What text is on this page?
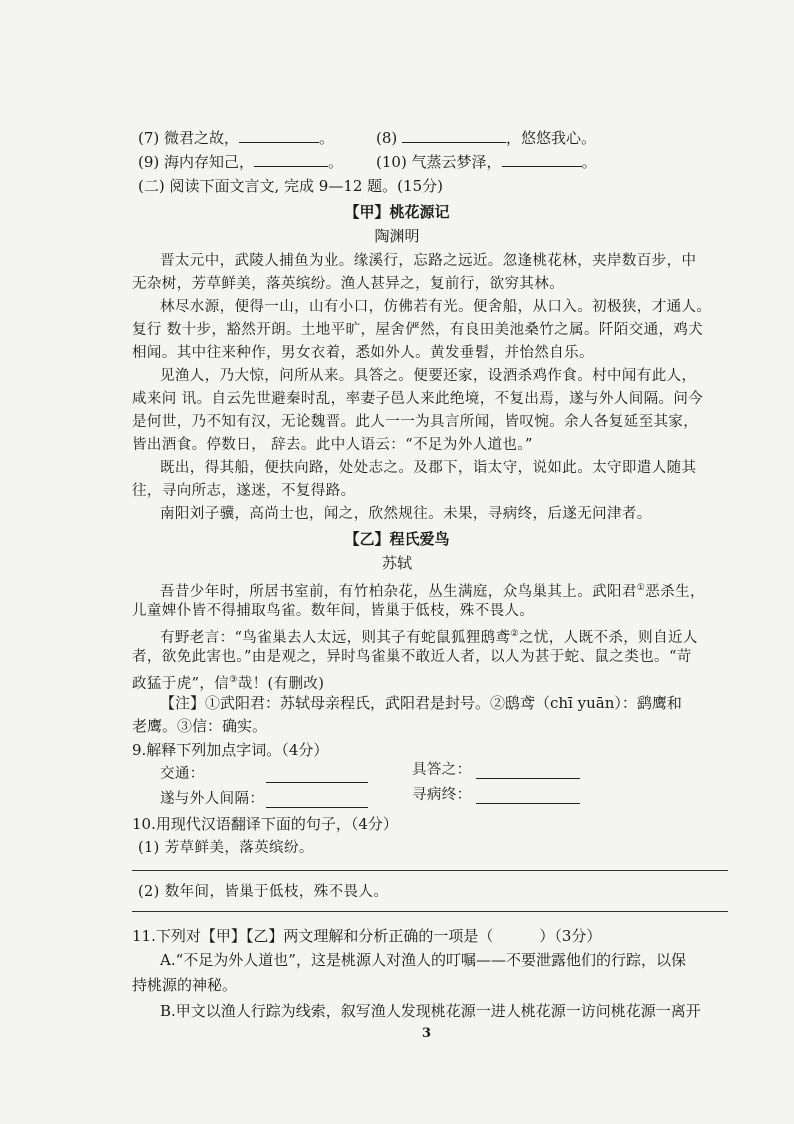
(7) 微君之故，	。	(8)	，悠悠我心。
(9) 海内存知己，	。 (10) 气蒸云梦泽，	。
(二) 阅读下面文言文, 完成 9—12 题。(15分)
【甲】桃花源记
陶渊明
晋太元中，武陵人捕鱼为业。缘溪行，忘路之远近。忽逢桃花林，夹岸数百步，中
无杂树，芳草鲜美，落英缤纷。渔人甚异之，复前行，欲穷其林。
林尽水源，便得一山，山有小口，仿佛若有光。便舍船，从口入。初极狭，才通人。
复行 数十步，豁然开朗。土地平旷，屋舍俨然，有良田美池桑竹之属。阡陌交通，鸡犬
相闻。其中往来种作，男女衣着，悉如外人。黄发垂髫，并怡然自乐。
见渔人，乃大惊，问所从来。具答之。便要还家，设酒杀鸡作食。村中闻有此人，
咸来问 讯。自云先世避秦时乱，率妻子邑人来此绝境，不复出焉，遂与外人间隔。问今
是何世，乃不知有汉，无论魏晋。此人一一为具言所闻，皆叹惋。余人各复延至其家，
皆出酒食。停数日， 辞去。此中人语云：“不足为外人道也。”
既出，得其船，便扶向路，处处志之。及郡下，诣太守，说如此。太守即遣人随其
往，寻向所志，遂迷，不复得路。
南阳刘子骥，高尚士也，闻之，欣然规往。未果，寻病终，后遂无问津者。
【乙】程氏爱鸟
苏轼
吾昔少年时，所居书室前，有竹柏杂花，丛生满庭，众鸟巢其上。武阳君①恶杀生，
儿童婢仆皆不得捕取鸟雀。数年间，皆巢于低枝，殊不畏人。
有野老言：“鸟雀巢去人太远，则其子有蛇鼠狐狸鸱鸢②之忧，人既不杀，则自近人
者，欲免此害也。”由是观之，异时鸟雀巢不敢近人者，以人为甚于蛇、鼠之类也。“苛
政猛于虎”，信③哉！(有删改)
【注】①武阳君：苏轼母亲程氏，武阳君是封号。②鸱鸢（chī yuān）：鹞鹰和
老鹰。③信：确实。
9.解释下列加点字词。（4分）
交通：	具答之：
遂与外人间隔：	寻病终：
10.用现代汉语翻译下面的句子，（4分）
(1) 芳草鲜美，落英缤纷。
(2) 数年间，皆巢于低枝，殊不畏人。
11.下列对【甲】【乙】两文理解和分析正确的一项是（	）（3分）
A.“不足为外人道也”，这是桃源人对渔人的叮嘱——不要泄露他们的行踪，以保
持桃源的神秘。
B.甲文以渔人行踪为线索，叙写渔人发现桃花源一进人桃花源一访问桃花源一离开
3
